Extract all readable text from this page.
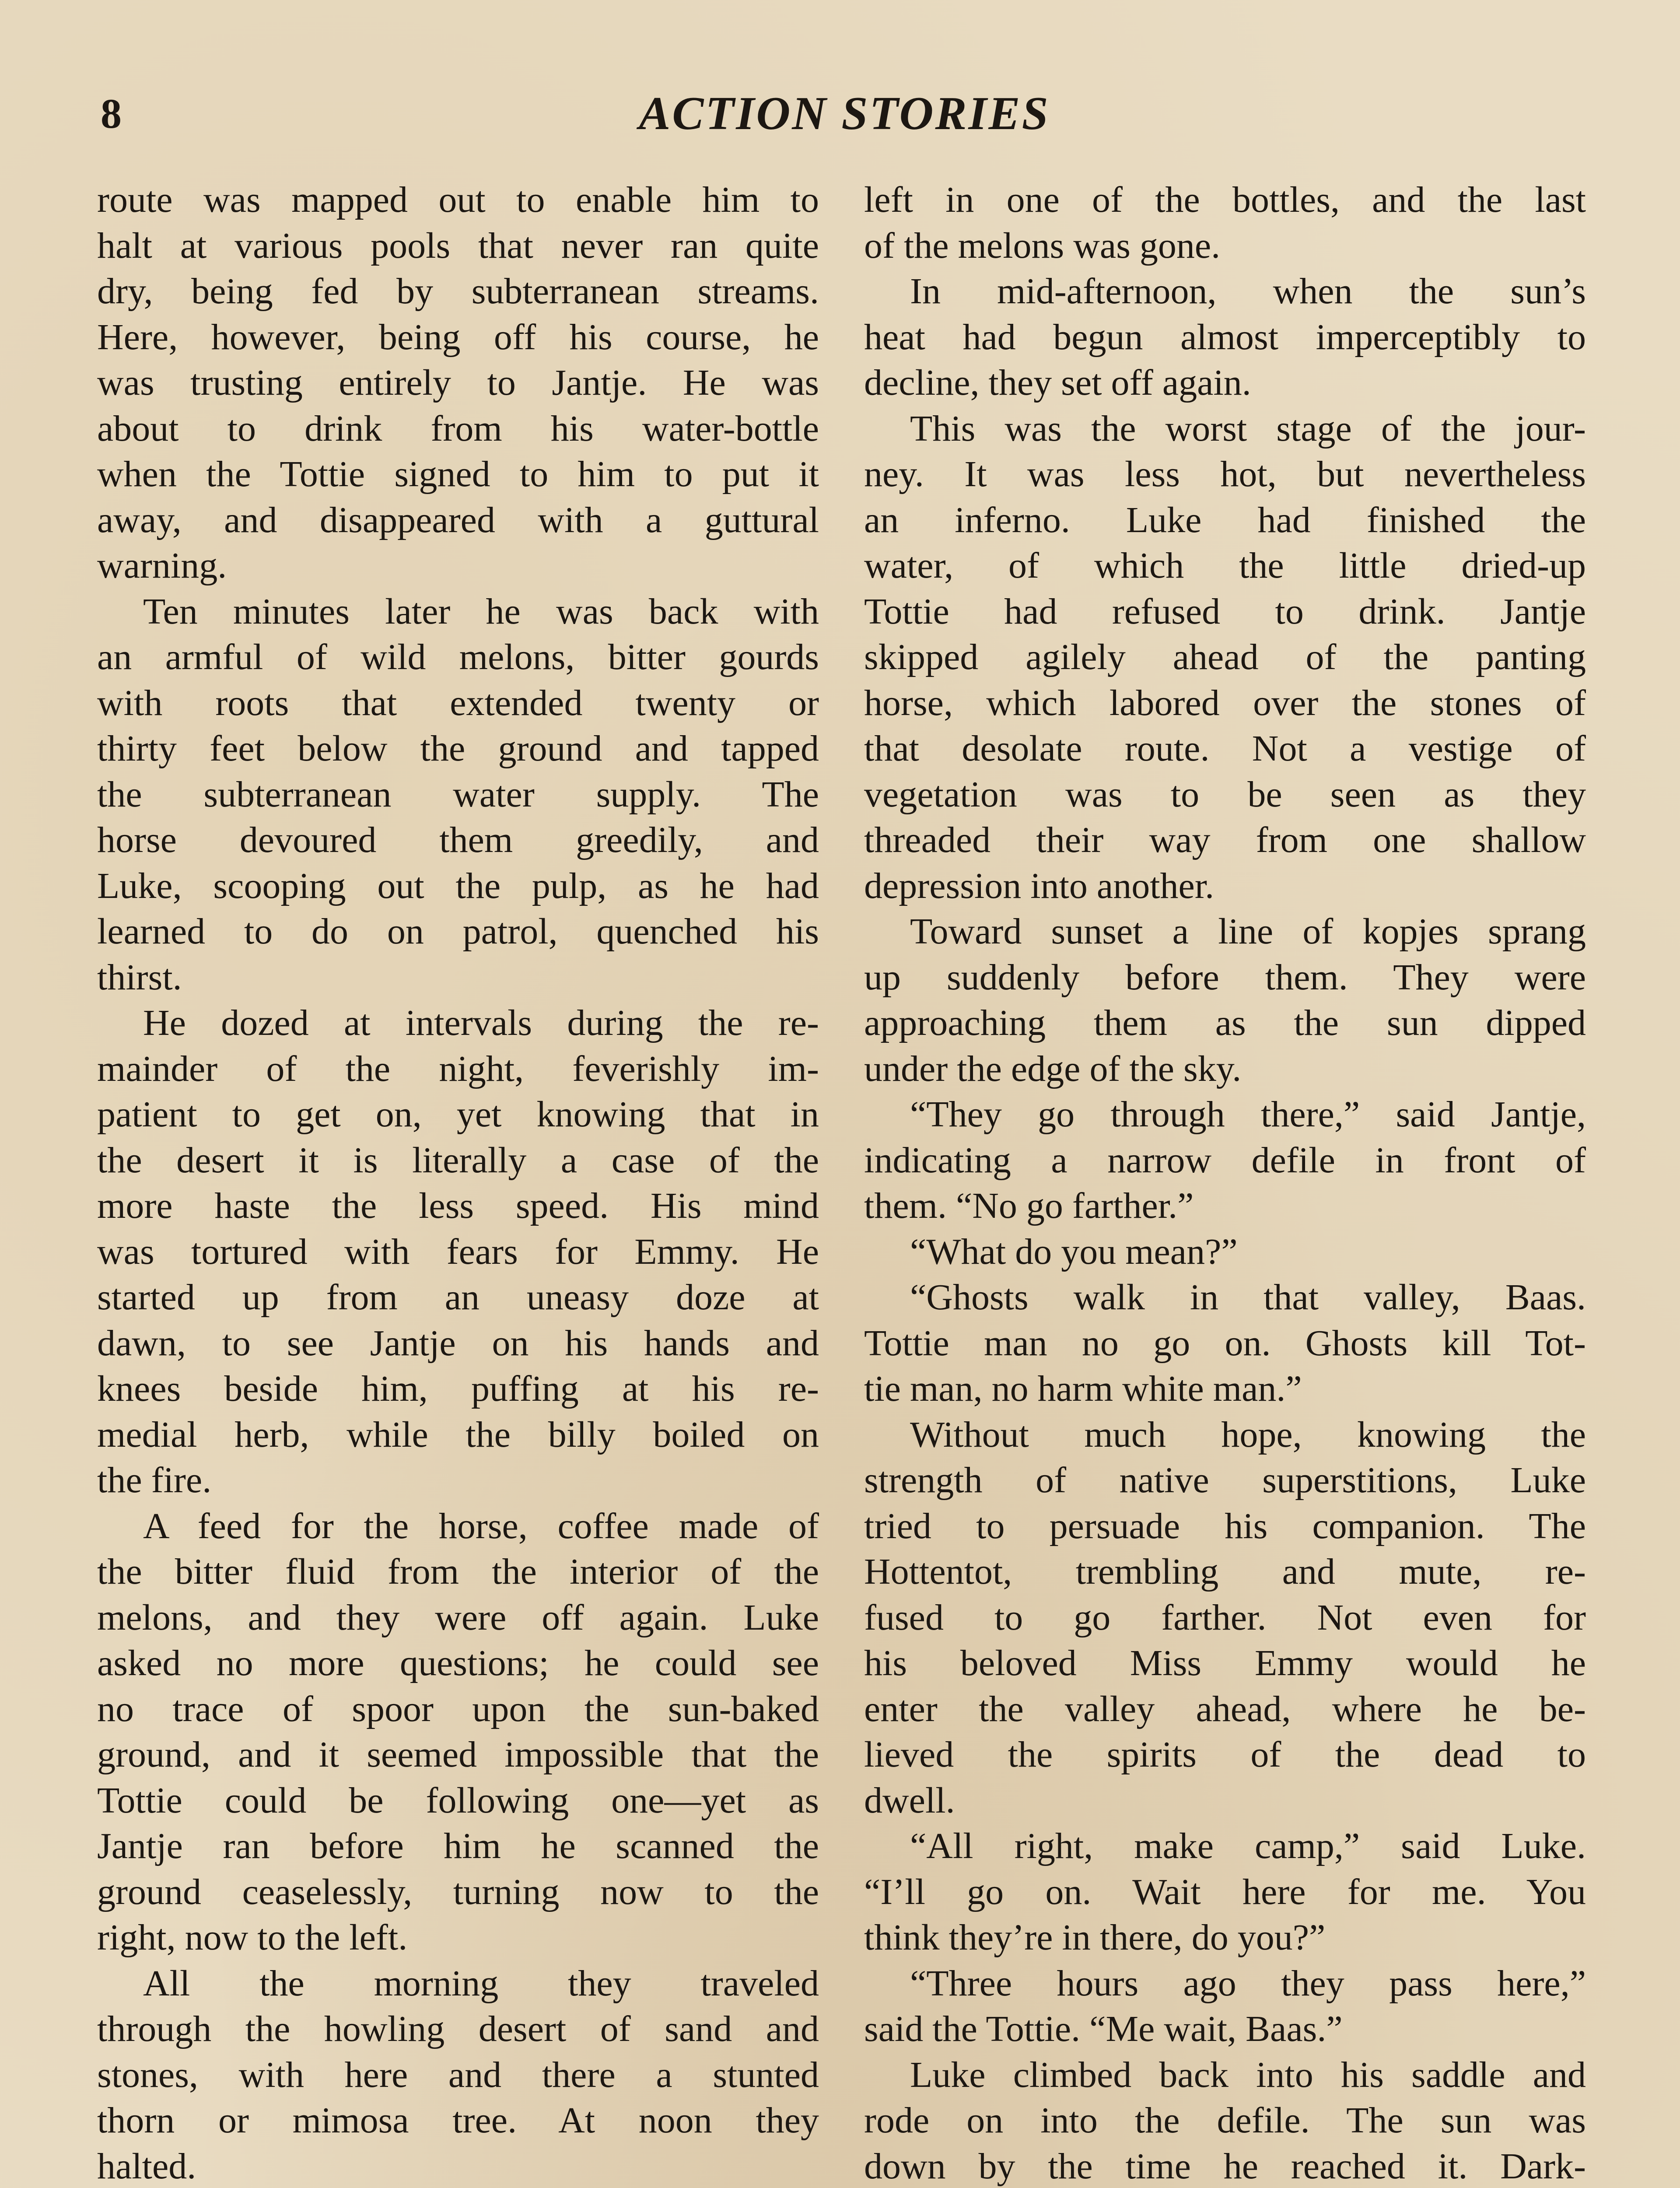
8	ACTION STORIES

route was mapped out to enable him to
halt at various pools that never ran quite
dry, being fed by subterranean streams.
Here, however, being off his course, he
was trusting entirely to Jantje. He was
about to drink from his water-bottle
when the Tottie signed to him to put it
away, and disappeared with a guttural
warning.

Ten minutes later he was back with
an armful of wild melons, bitter gourds
with roots that extended twenty or
thirty feet below the ground and tapped
the subterranean water supply. The
horse devoured them greedily, and
Luke, scooping out the pulp, as he had
learned to do on patrol, quenched his
thirst.

He dozed at intervals during the re-
mainder of the night, feverishly im-
patient to get on, yet knowing that in
the desert it is literally a case of the
more haste the less speed. His mind
was tortured with fears for Emmy. He
started up from an uneasy doze at
dawn, to see Jantje on his hands and
knees beside him, puffing at his re-
medial herb, while the billy boiled on
the fire.

A feed for the horse, coffee made of
the bitter fluid from the interior of the
melons, and they were off again. Luke
asked no more questions; he could see
no trace of spoor upon the sun-baked
ground, and it seemed impossible that the
Tottie could be following one—yet as
Jantje ran before him he scanned the
ground ceaselessly, turning now to the
right, now to the left.

All the morning they traveled
through the howling desert of sand and
stones, with here and there a stunted
thorn or mimosa tree. At noon they
halted.

left in one of the bottles, and the last
of the melons was gone.

In mid-afternoon, when the sun’s
heat had begun almost imperceptibly to
decline, they set off again.

This was the worst stage of the jour-
ney. It was less hot, but nevertheless
an inferno. Luke had finished the
water, of which the little dried-up
Tottie had refused to drink. Jantje
skipped agilely ahead of the panting
horse, which labored over the stones of
that desolate route. Not a vestige of
vegetation was to be seen as they
threaded their way from one shallow
depression into another.

Toward sunset a line of kopjes sprang
up suddenly before them. They were
approaching them as the sun dipped
under the edge of the sky.

“They go through there,” said Jantje,
indicating a narrow defile in front of
them. “No go farther.”

“What do you mean?”

“Ghosts walk in that valley, Baas.
Tottie man no go on. Ghosts kill Tot-
tie man, no harm white man.”

Without much hope, knowing the
strength of native superstitions, Luke
tried to persuade his companion. The
Hottentot, trembling and mute, re-
fused to go farther. Not even for
his beloved Miss Emmy would he
enter the valley ahead, where he be-
lieved the spirits of the dead to
dwell.

“All right, make camp,” said Luke.
“I’ll go on. Wait here for me. You
think they’re in there, do you?”

“Three hours ago they pass here,”
said the Tottie. “Me wait, Baas.”

Luke climbed back into his saddle and
rode on into the defile. The sun was
down by the time he reached it. Dark-
